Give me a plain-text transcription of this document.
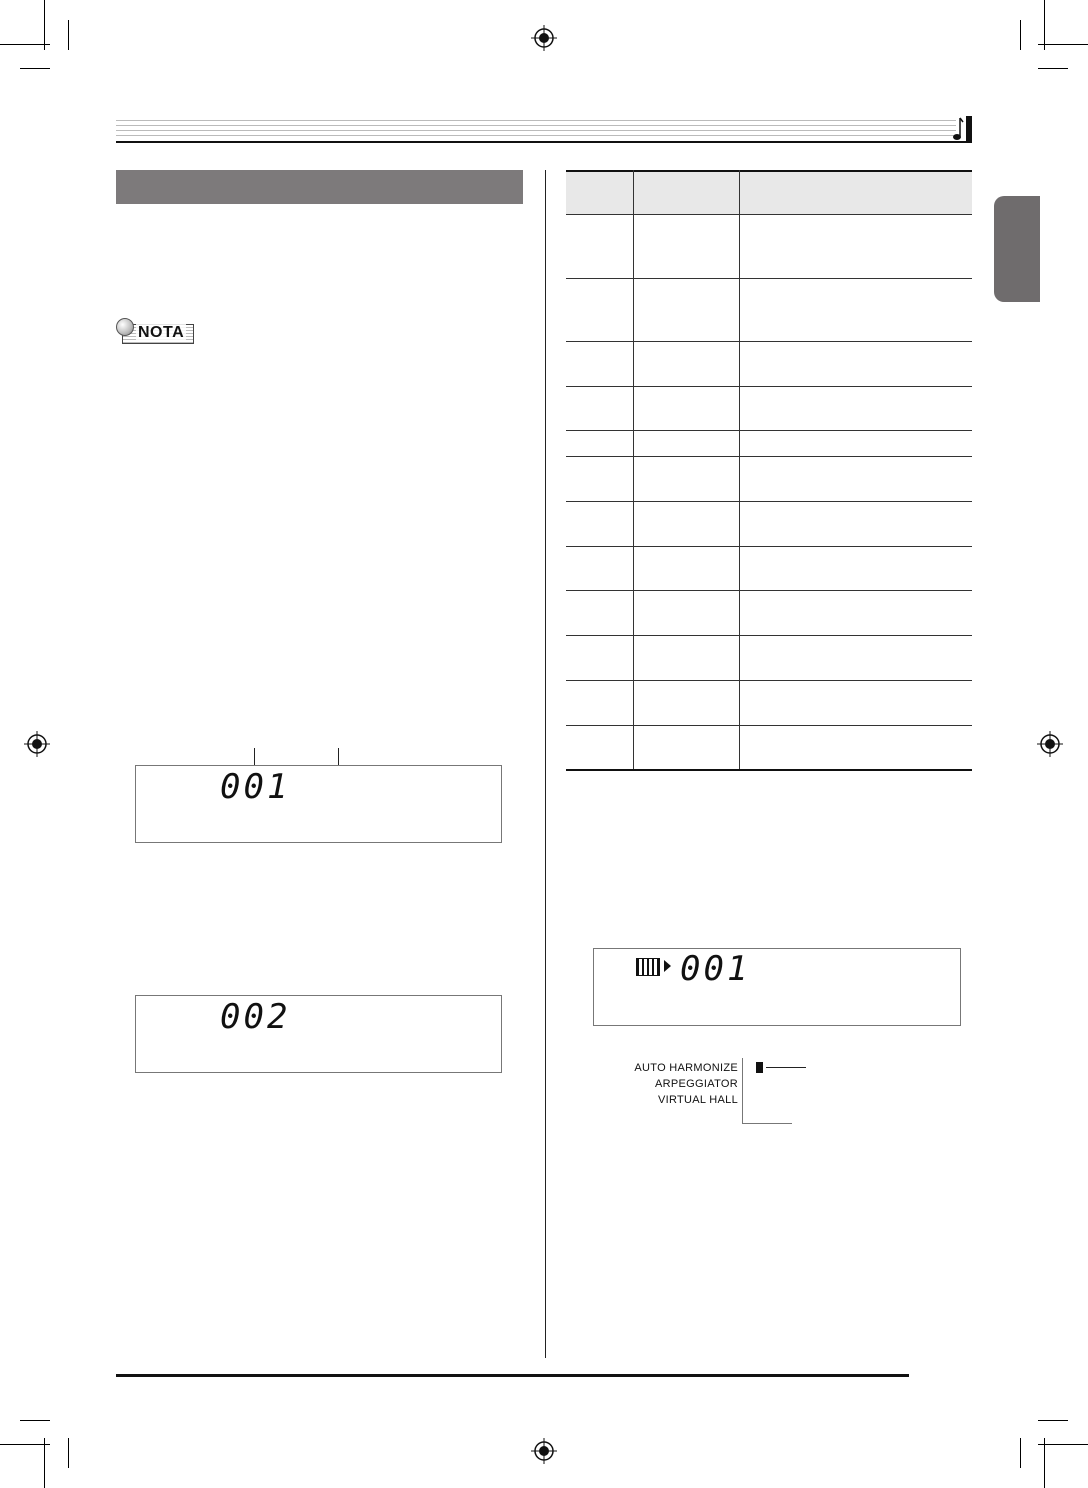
NOTA
001
002
001
AUTO HARMONIZE
ARPEGGIATOR
VIRTUAL HALL
